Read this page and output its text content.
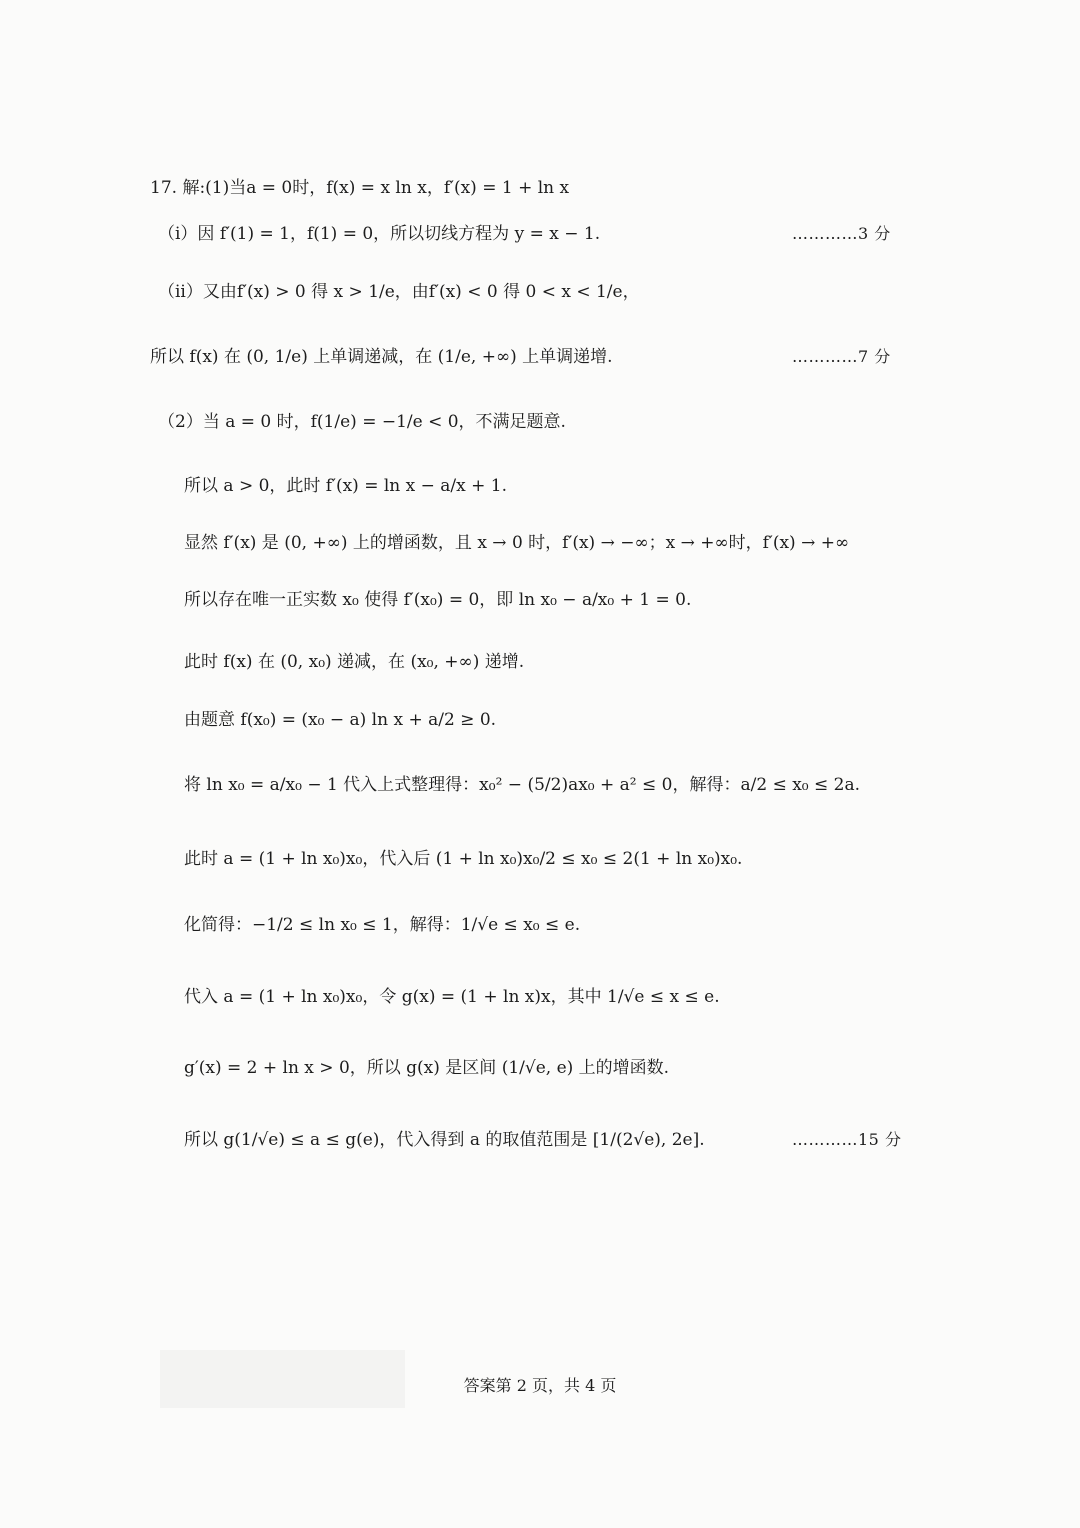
17. 解:(1)当a = 0时，f(x) = x ln x，f′(x) = 1 + ln x
（i）因 f′(1) = 1，f(1) = 0，所以切线方程为 y = x − 1.	…………3 分
（ii）又由f′(x) > 0 得 x > 1/e，由f′(x) < 0 得 0 < x < 1/e，
所以 f(x) 在 (0, 1/e) 上单调递减，在 (1/e, +∞) 上单调递增.	…………7 分
（2）当 a = 0 时，f(1/e) = −1/e < 0，不满足题意.
所以 a > 0，此时 f′(x) = ln x − a/x + 1.
显然 f′(x) 是 (0, +∞) 上的增函数，且 x → 0 时，f′(x) → −∞；x → +∞时，f′(x) → +∞
所以存在唯一正实数 x₀ 使得 f′(x₀) = 0，即 ln x₀ − a/x₀ + 1 = 0.
此时 f(x) 在 (0, x₀) 递减，在 (x₀, +∞) 递增.
由题意 f(x₀) = (x₀ − a) ln x + a/2 ≥ 0.
将 ln x₀ = a/x₀ − 1 代入上式整理得：x₀² − (5/2)ax₀ + a² ≤ 0，解得：a/2 ≤ x₀ ≤ 2a.
此时 a = (1 + ln x₀)x₀，代入后 (1 + ln x₀)x₀/2 ≤ x₀ ≤ 2(1 + ln x₀)x₀.
化简得：−1/2 ≤ ln x₀ ≤ 1，解得：1/√e ≤ x₀ ≤ e.
代入 a = (1 + ln x₀)x₀，令 g(x) = (1 + ln x)x，其中 1/√e ≤ x ≤ e.
g′(x) = 2 + ln x > 0，所以 g(x) 是区间 (1/√e, e) 上的增函数.
所以 g(1/√e) ≤ a ≤ g(e)，代入得到 a 的取值范围是 [1/(2√e), 2e].	…………15 分
答案第 2 页，共 4 页
